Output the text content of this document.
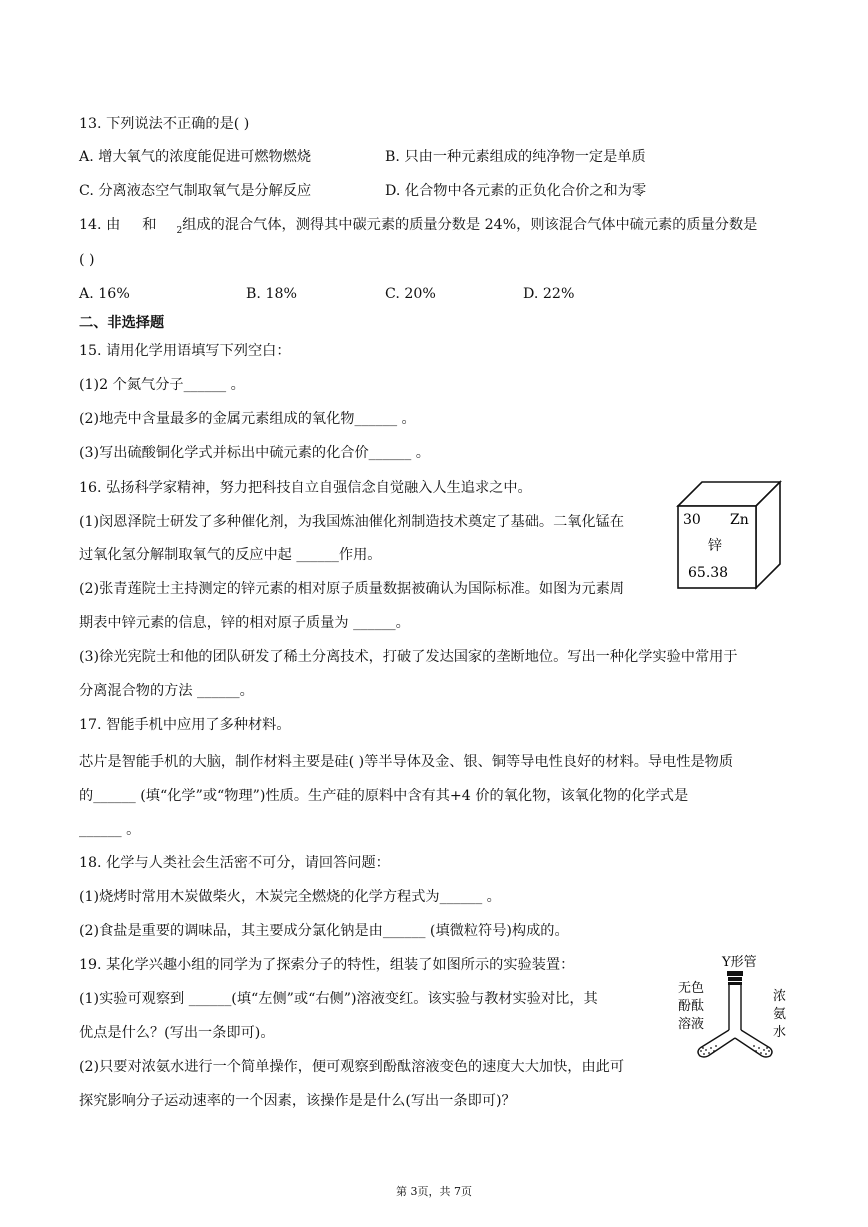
13. 下列说法不正确的是( )
A. 增大氧气的浓度能促进可燃物燃烧	B. 只由一种元素组成的纯净物一定是单质
C. 分离液态空气制取氧气是分解反应	D. 化合物中各元素的正负化合价之和为零
14. 由 和 $_2$组成的混合气体，测得其中碳元素的质量分数是 24%，则该混合气体中硫元素的质量分数是
( )
A. 16%	B. 18%	C. 20%	D. 22%
二、非选择题
15. 请用化学用语填写下列空白：
(1)2 个氮气分子______ 。
(2)地壳中含量最多的金属元素组成的氧化物______ 。
(3)写出硫酸铜化学式并标出中硫元素的化合价______ 。
16. 弘扬科学家精神，努力把科技自立自强信念自觉融入人生追求之中。
(1)闵恩泽院士研发了多种催化剂，为我国炼油催化剂制造技术奠定了基础。二氧化锰在
过氧化氢分解制取氧气的反应中起 ______作用。
(2)张青莲院士主持测定的锌元素的相对原子质量数据被确认为国际标准。如图为元素周
期表中锌元素的信息，锌的相对原子质量为 ______。
(3)徐光宪院士和他的团队研发了稀土分离技术，打破了发达国家的垄断地位。写出一种化学实验中常用于
分离混合物的方法 ______。
30 Zn
锌
65.38
17. 智能手机中应用了多种材料。
芯片是智能手机的大脑，制作材料主要是硅( )等半导体及金、银、铜等导电性良好的材料。导电性是物质
的______ (填“化学”或“物理”)性质。生产硅的原料中含有其+4 价的氧化物，该氧化物的化学式是
______ 。
18. 化学与人类社会生活密不可分，请回答问题：
(1)烧烤时常用木炭做柴火，木炭完全燃烧的化学方程式为______ 。
(2)食盐是重要的调味品，其主要成分氯化钠是由______ (填微粒符号)构成的。
19. 某化学兴趣小组的同学为了探索分子的特性，组装了如图所示的实验装置：
(1)实验可观察到 ______(填“左侧”或“右侧”)溶液变红。该实验与教材实验对比，其
优点是什么？(写出一条即可)。
(2)只要对浓氨水进行一个简单操作，便可观察到酚酞溶液变色的速度大大加快，由此可
探究影响分子运动速率的一个因素，该操作是是什么(写出一条即可)？
Y形管
无色
酚酞
溶液
浓
氨
水
第 3页，共 7页
